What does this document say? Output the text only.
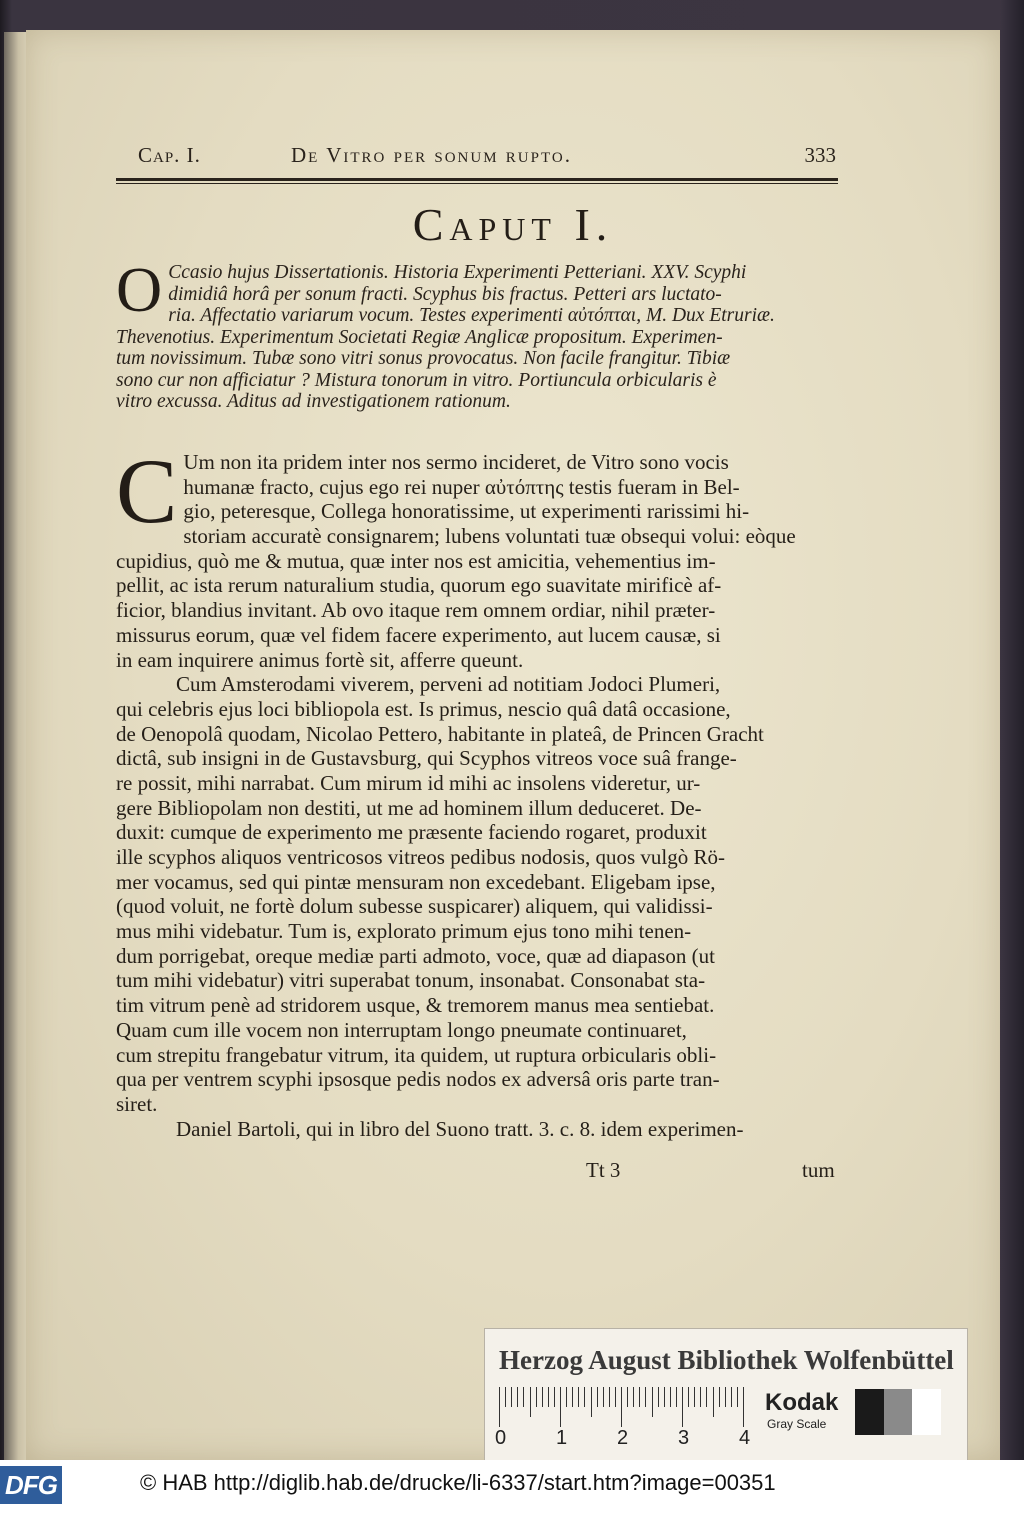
Cap. I.	De Vitro per sonum rupto.	333
Caput I.
O Ccasio hujus Dissertationis. Historia Experimenti Petteriani. XXV. Scyphi
dimidiâ horâ per sonum fracti. Scyphus bis fractus. Petteri ars luctato-
ria. Affectatio variarum vocum. Testes experimenti αὐτόπται, M. Dux Etruriæ.
Thevenotius. Experimentum Societati Regiæ Anglicæ propositum. Experimen-
tum novissimum. Tubæ sono vitri sonus provocatus. Non facile frangitur. Tibiæ
sono cur non afficiatur ? Mistura tonorum in vitro. Portiuncula orbicularis è
vitro excussa. Aditus ad investigationem rationum.
C Um non ita pridem inter nos sermo incideret, de Vitro sono vocis
humanæ fracto, cujus ego rei nuper αὐτόπτης testis fueram in Bel-
gio, peteresque, Collega honoratissime, ut experimenti rarissimi hi-
storiam accuratè consignarem; lubens voluntati tuæ obsequi volui: eòque
cupidius, quò me & mutua, quæ inter nos est amicitia, vehementius im-
pellit, ac ista rerum naturalium studia, quorum ego suavitate mirificè af-
ficior, blandius invitant. Ab ovo itaque rem omnem ordiar, nihil præter-
missurus eorum, quæ vel fidem facere experimento, aut lucem causæ, si
in eam inquirere animus fortè sit, afferre queunt.
Cum Amsterodami viverem, perveni ad notitiam Jodoci Plumeri,
qui celebris ejus loci bibliopola est. Is primus, nescio quâ datâ occasione,
de Oenopolâ quodam, Nicolao Pettero, habitante in plateâ, de Princen Gracht
dictâ, sub insigni in de Gustavsburg, qui Scyphos vitreos voce suâ frange-
re possit, mihi narrabat. Cum mirum id mihi ac insolens videretur, ur-
gere Bibliopolam non destiti, ut me ad hominem illum deduceret. De-
duxit: cumque de experimento me præsente faciendo rogaret, produxit
ille scyphos aliquos ventricosos vitreos pedibus nodosis, quos vulgò Rö-
mer vocamus, sed qui pintæ mensuram non excedebant. Eligebam ipse,
(quod voluit, ne fortè dolum subesse suspicarer) aliquem, qui validissi-
mus mihi videbatur. Tum is, explorato primum ejus tono mihi tenen-
dum porrigebat, oreque mediæ parti admoto, voce, quæ ad diapason (ut
tum mihi videbatur) vitri superabat tonum, insonabat. Consonabat sta-
tim vitrum penè ad stridorem usque, & tremorem manus mea sentiebat.
Quam cum ille vocem non interruptam longo pneumate continuaret,
cum strepitu frangebatur vitrum, ita quidem, ut ruptura orbicularis obli-
qua per ventrem scyphi ipsosque pedis nodos ex adversâ oris parte tran-
siret.
Daniel Bartoli, qui in libro del Suono tratt. 3. c. 8. idem experimen-
Tt 3	tum
Herzog August Bibliothek Wolfenbüttel
0 1 2 3 4
Kodak
Gray Scale
DFG	© HAB http://diglib.hab.de/drucke/li-6337/start.htm?image=00351
